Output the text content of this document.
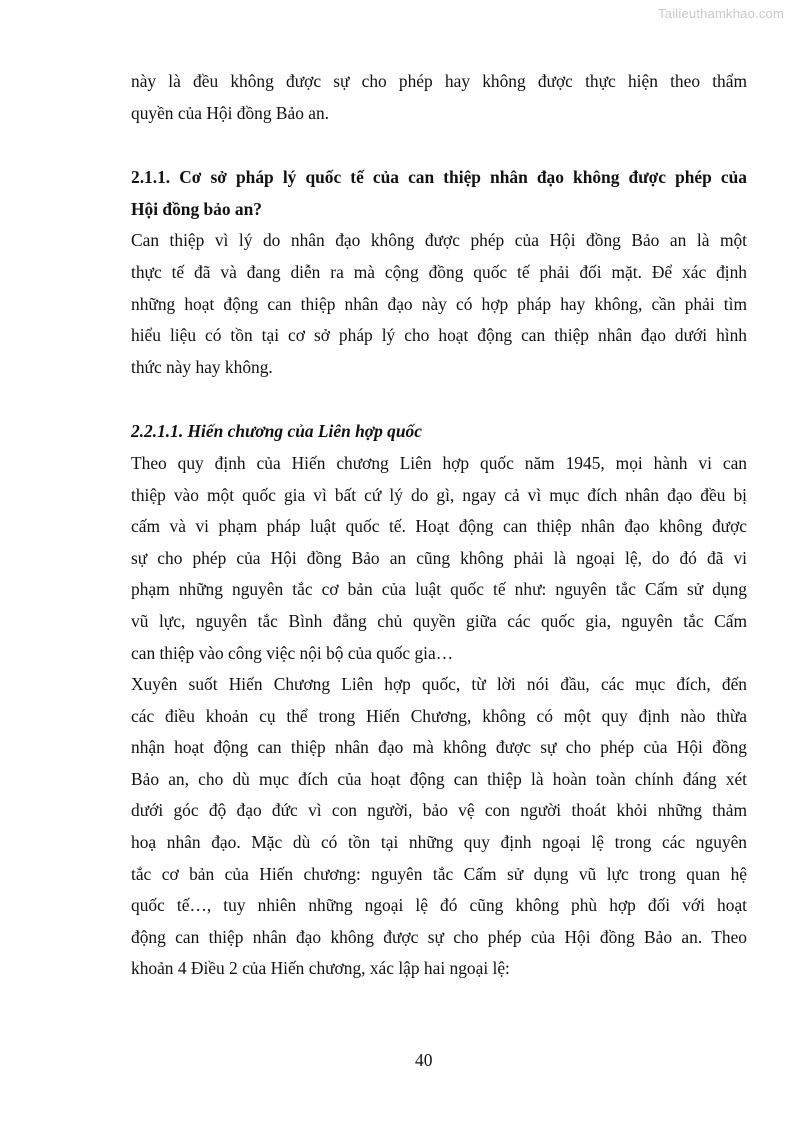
Tailieuthamkhao.com
này là đều không được sự cho phép hay không được thực hiện theo thẩm
quyền của Hội đồng Bảo an.
2.1.1. Cơ sở pháp lý quốc tế của can thiệp nhân đạo không được phép của
Hội đồng bảo an?
Can thiệp vì lý do nhân đạo không được phép của Hội đồng Bảo an là một
thực tế đã và đang diễn ra mà cộng đồng quốc tế phải đối mặt. Để xác định
những hoạt động can thiệp nhân đạo này có hợp pháp hay không, cần phải tìm
hiểu liệu có tồn tại cơ sở pháp lý cho hoạt động can thiệp nhân đạo dưới hình
thức này hay không.
2.2.1.1. Hiến chương của Liên hợp quốc
Theo quy định của Hiến chương Liên hợp quốc năm 1945, mọi hành vi can
thiệp vào một quốc gia vì bất cứ lý do gì, ngay cả vì mục đích nhân đạo đều bị
cấm và vi phạm pháp luật quốc tế. Hoạt động can thiệp nhân đạo không được
sự cho phép của Hội đồng Bảo an cũng không phải là ngoại lệ, do đó đã vi
phạm những nguyên tắc cơ bản của luật quốc tế như: nguyên tắc Cấm sử dụng
vũ lực, nguyên tắc Bình đẳng chủ quyền giữa các quốc gia, nguyên tắc Cấm
can thiệp vào công việc nội bộ của quốc gia…
Xuyên suốt Hiến Chương Liên hợp quốc, từ lời nói đầu, các mục đích, đến
các điều khoản cụ thể trong Hiến Chương, không có một quy định nào thừa
nhận hoạt động can thiệp nhân đạo mà không được sự cho phép của Hội đồng
Bảo an, cho dù mục đích của hoạt động can thiệp là hoàn toàn chính đáng xét
dưới góc độ đạo đức vì con người, bảo vệ con người thoát khỏi những thảm
hoạ nhân đạo. Mặc dù có tồn tại những quy định ngoại lệ trong các nguyên
tắc cơ bản của Hiến chương: nguyên tắc Cấm sử dụng vũ lực trong quan hệ
quốc tế…, tuy nhiên những ngoại lệ đó cũng không phù hợp đối với hoạt
động can thiệp nhân đạo không được sự cho phép của Hội đồng Bảo an. Theo
khoản 4 Điều 2 của Hiến chương, xác lập hai ngoại lệ:
40
